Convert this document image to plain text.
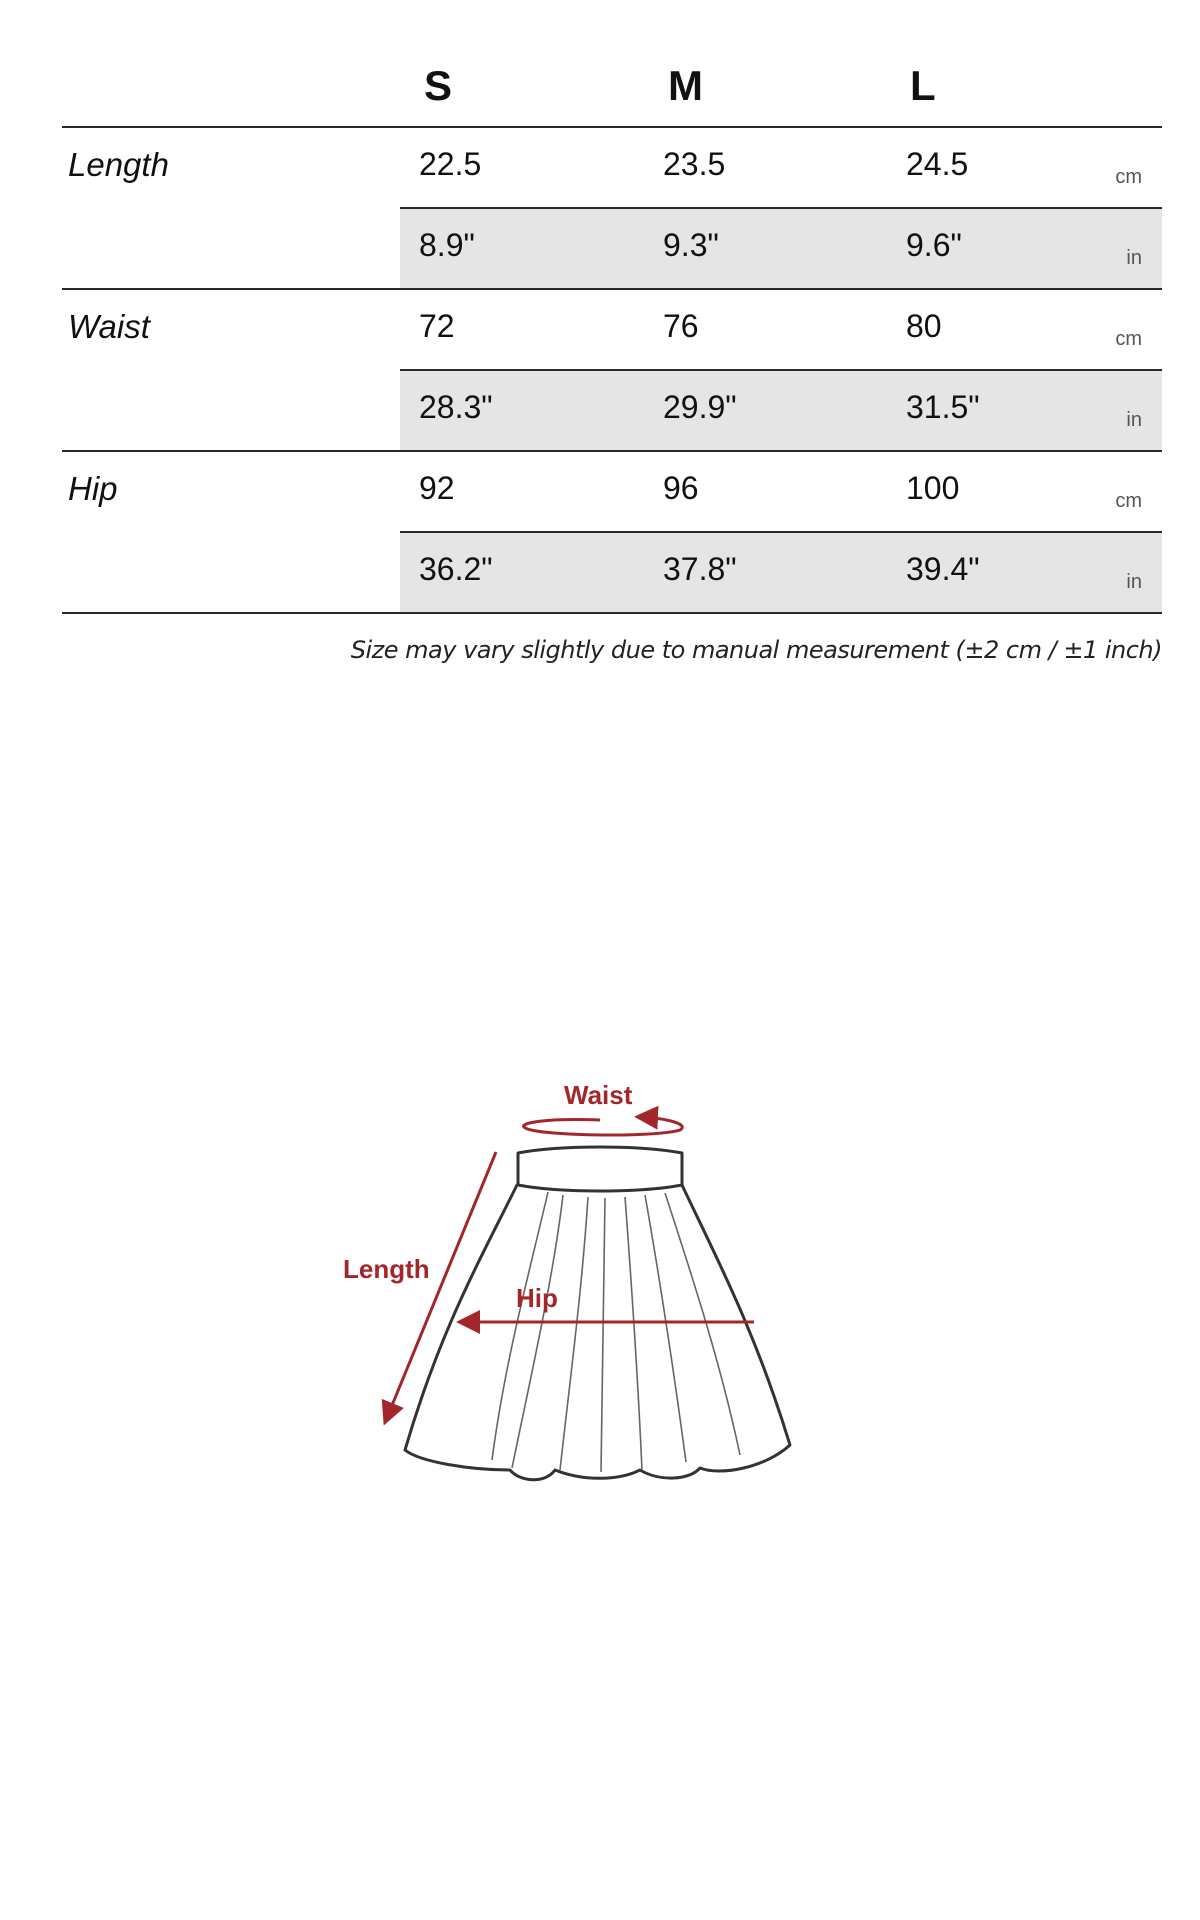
S	M	L
Length	22.5	23.5	24.5	cm
8.9"	9.3"	9.6"	in
Waist	72	76	80	cm
28.3"	29.9"	31.5"	in
Hip	92	96	100	cm
36.2"	37.8"	39.4"	in
Size may vary slightly due to manual measurement (±2 cm / ±1 inch)
Waist
Length
Hip
